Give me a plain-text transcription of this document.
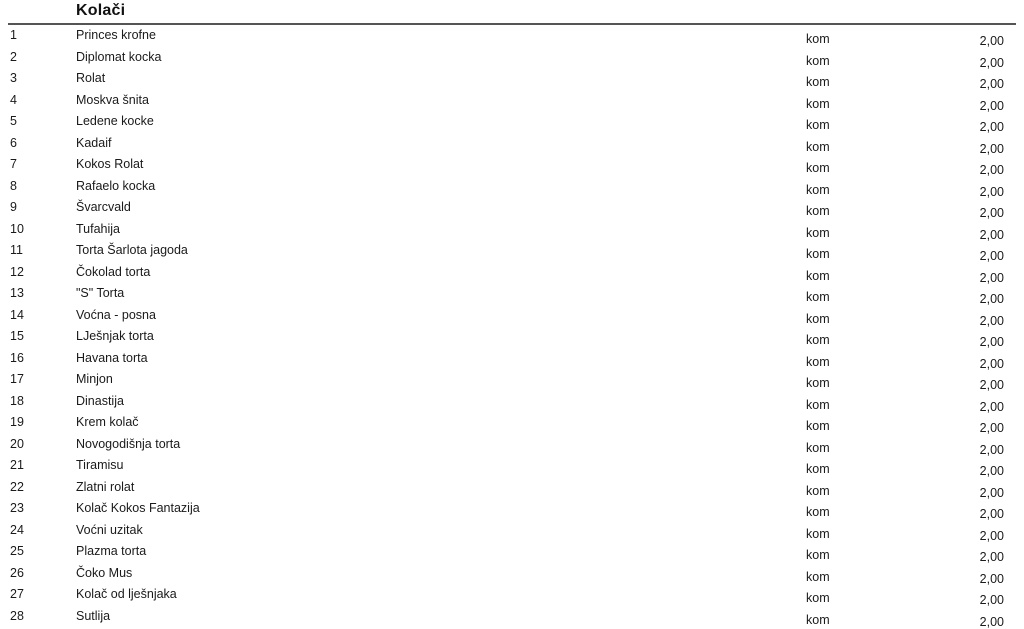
Kolači
1	Princes krofne	kom	2,00
2	Diplomat kocka	kom	2,00
3	Rolat	kom	2,00
4	Moskva šnita	kom	2,00
5	Ledene kocke	kom	2,00
6	Kadaif	kom	2,00
7	Kokos Rolat	kom	2,00
8	Rafaelo kocka	kom	2,00
9	Švarcvald	kom	2,00
10	Tufahija	kom	2,00
11	Torta Šarlota jagoda	kom	2,00
12	Čokolad torta	kom	2,00
13	"S" Torta	kom	2,00
14	Voćna - posna	kom	2,00
15	LJešnjak torta	kom	2,00
16	Havana torta	kom	2,00
17	Minjon	kom	2,00
18	Dinastija	kom	2,00
19	Krem kolač	kom	2,00
20	Novogodišnja torta	kom	2,00
21	Tiramisu	kom	2,00
22	Zlatni rolat	kom	2,00
23	Kolač Kokos Fantazija	kom	2,00
24	Voćni uzitak	kom	2,00
25	Plazma torta	kom	2,00
26	Čoko Mus	kom	2,00
27	Kolač od lješnjaka	kom	2,00
28	Sutlija	kom	2,00
